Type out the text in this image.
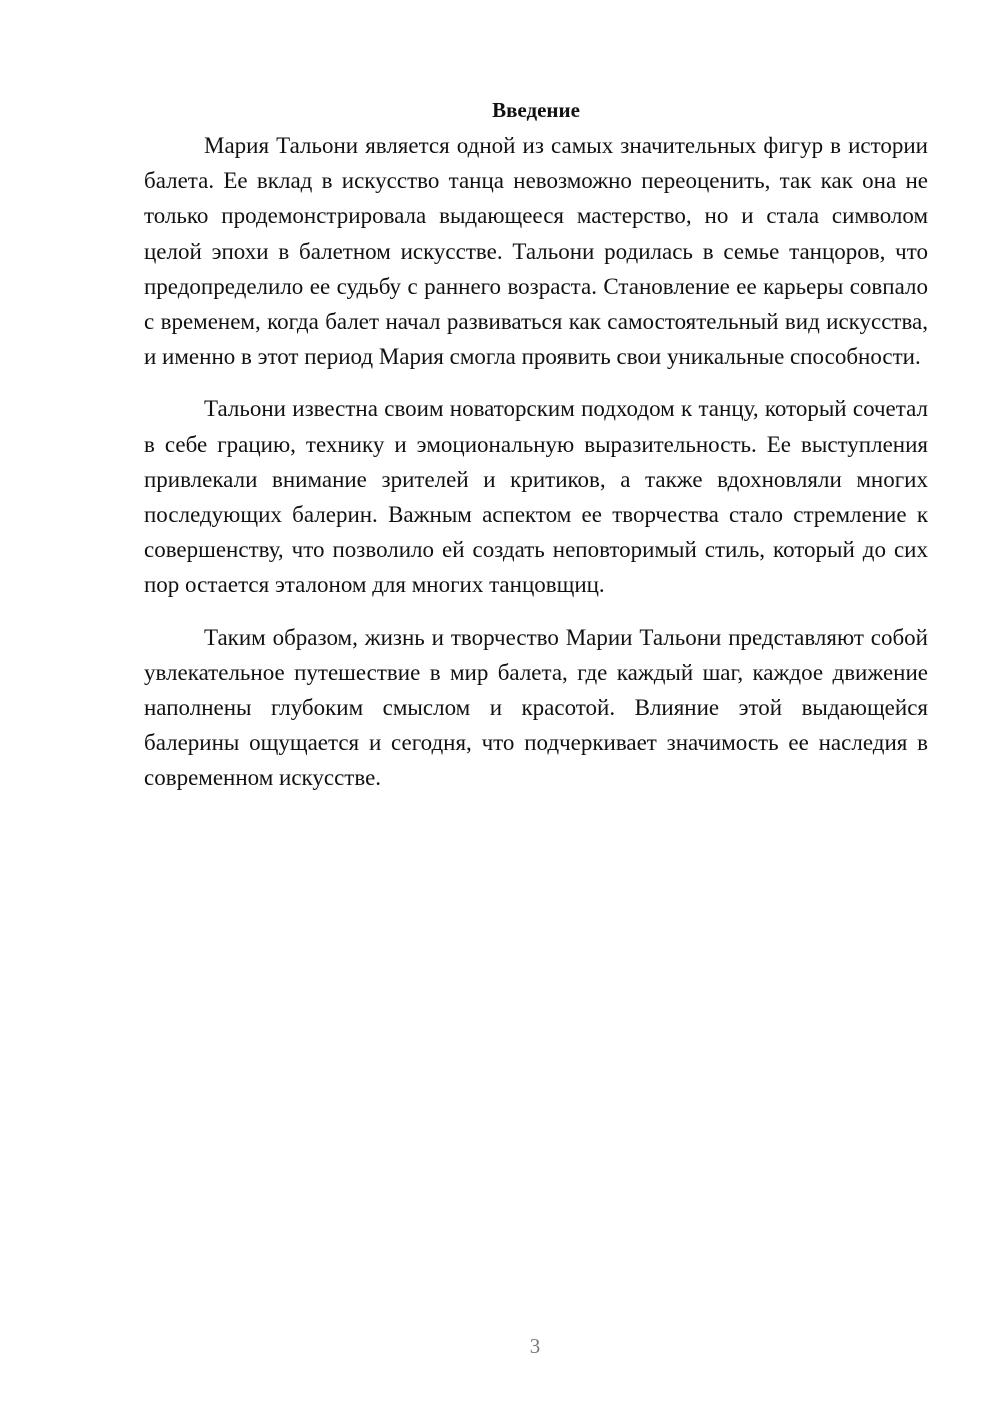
Введение

Мария Тальони является одной из самых значительных фигур в истории балета. Ее вклад в искусство танца невозможно переоценить, так как она не только продемонстрировала выдающееся мастерство, но и стала символом целой эпохи в балетном искусстве. Тальони родилась в семье танцоров, что предопределило ее судьбу с раннего возраста. Становление ее карьеры совпало с временем, когда балет начал развиваться как самостоятельный вид искусства, и именно в этот период Мария смогла проявить свои уникальные способности.

Тальони известна своим новаторским подходом к танцу, который сочетал в себе грацию, технику и эмоциональную выразительность. Ее выступления привлекали внимание зрителей и критиков, а также вдохновляли многих последующих балерин. Важным аспектом ее творчества стало стремление к совершенству, что позволило ей создать неповторимый стиль, который до сих пор остается эталоном для многих танцовщиц.

Таким образом, жизнь и творчество Марии Тальони представляют собой увлекательное путешествие в мир балета, где каждый шаг, каждое движение наполнены глубоким смыслом и красотой. Влияние этой выдающейся балерины ощущается и сегодня, что подчеркивает значимость ее наследия в современном искусстве.

3
